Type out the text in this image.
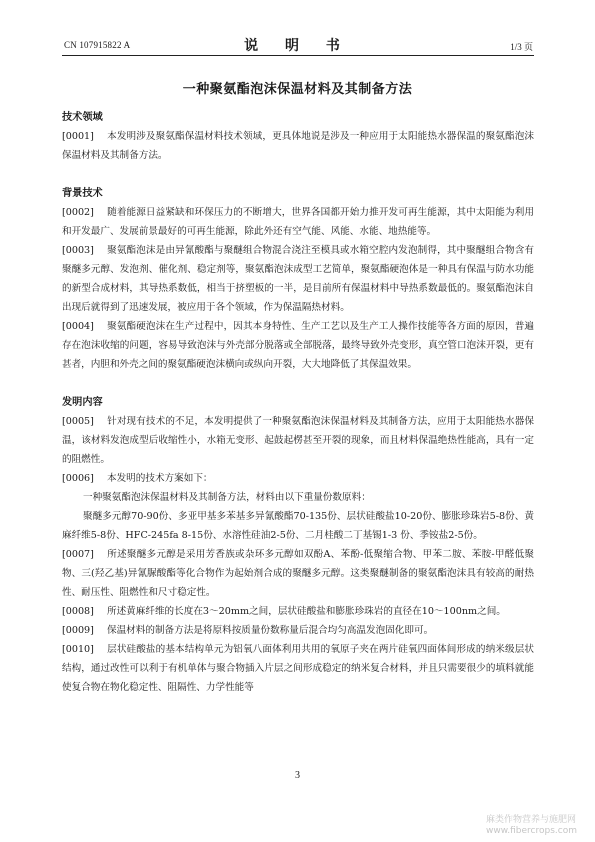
CN 107915822 A	说 明 书	1/3 页
一种聚氨酯泡沫保温材料及其制备方法
技术领域
[0001] 本发明涉及聚氨酯保温材料技术领域，更具体地说是涉及一种应用于太阳能热水器保温的聚氨酯泡沫保温材料及其制备方法。
背景技术
[0002] 随着能源日益紧缺和环保压力的不断增大，世界各国都开始力推开发可再生能源，其中太阳能为利用和开发最广、发展前景最好的可再生能源，除此外还有空气能、风能、水能、地热能等。
[0003] 聚氨酯泡沫是由异氰酸酯与聚醚组合物混合浇注至模具或水箱空腔内发泡制得，其中聚醚组合物含有聚醚多元醇、发泡剂、催化剂、稳定剂等，聚氨酯泡沫成型工艺简单，聚氨酯硬泡体是一种具有保温与防水功能的新型合成材料，其导热系数低，相当于挤塑板的一半，是目前所有保温材料中导热系数最低的。聚氨酯泡沫自出现后就得到了迅速发展，被应用于各个领域，作为保温隔热材料。
[0004] 聚氨酯硬泡沫在生产过程中，因其本身特性、生产工艺以及生产工人操作技能等各方面的原因，普遍存在泡沫收缩的问题，容易导致泡沫与外壳部分脱落或全部脱落，最终导致外壳变形，真空管口泡沫开裂，更有甚者，内胆和外壳之间的聚氨酯硬泡沫横向或纵向开裂，大大地降低了其保温效果。
发明内容
[0005] 针对现有技术的不足，本发明提供了一种聚氨酯泡沫保温材料及其制备方法，应用于太阳能热水器保温，该材料发泡成型后收缩性小，水箱无变形、起鼓起楞甚至开裂的现象，而且材料保温绝热性能高，具有一定的阻燃性。
[0006] 本发明的技术方案如下：
一种聚氨酯泡沫保温材料及其制备方法，材料由以下重量份数原料：
聚醚多元醇70-90份、多亚甲基多苯基多异氰酸酯70-135份、层状硅酸盐10-20份、膨胀珍珠岩5-8份、黄麻纤维5-8份、HFC-245fa 8-15份、水溶性硅油2-5份、二月桂酸二丁基锡1-3 份、季铵盐2-5份。
[0007] 所述聚醚多元醇是采用芳香族或杂环多元醇如双酚A、苯酚-低聚缩合物、甲苯二胺、苯胺-甲醛低聚物、三(羟乙基)异氰脲酸酯等化合物作为起始剂合成的聚醚多元醇。这类聚醚制备的聚氨酯泡沫具有较高的耐热性、耐压性、阻燃性和尺寸稳定性。
[0008] 所述黄麻纤维的长度在3～20mm之间，层状硅酸盐和膨胀珍珠岩的直径在10～100nm之间。
[0009] 保温材料的制备方法是将原料按质量份数称量后混合均匀高温发泡固化即可。
[0010] 层状硅酸盐的基本结构单元为铝氧八面体利用共用的氧原子夹在两片硅氧四面体间形成的纳米级层状结构，通过改性可以利于有机单体与聚合物插入片层之间形成稳定的纳米复合材料，并且只需要很少的填料就能使复合物在物化稳定性、阻隔性、力学性能等
3
麻类作物营养与施肥网
www.fibercrops.com
